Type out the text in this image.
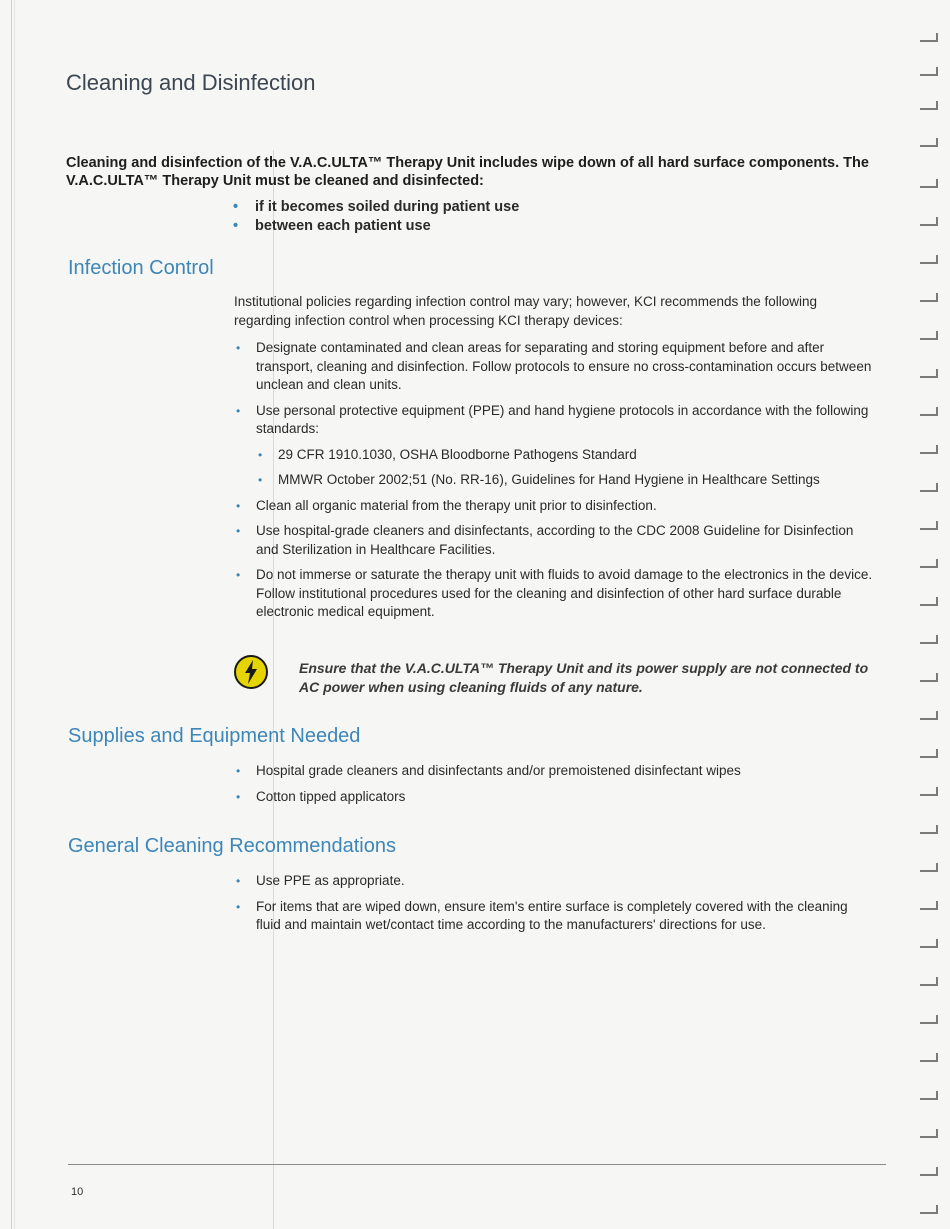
Cleaning and Disinfection
Cleaning and disinfection of the V.A.C.ULTA™ Therapy Unit includes wipe down of all hard surface components. The V.A.C.ULTA™ Therapy Unit must be cleaned and disinfected:
• if it becomes soiled during patient use
• between each patient use
Infection Control
Institutional policies regarding infection control may vary; however, KCI recommends the following regarding infection control when processing KCI therapy devices:
• Designate contaminated and clean areas for separating and storing equipment before and after transport, cleaning and disinfection. Follow protocols to ensure no cross-contamination occurs between unclean and clean units.
• Use personal protective equipment (PPE) and hand hygiene protocols in accordance with the following standards:
• 29 CFR 1910.1030, OSHA Bloodborne Pathogens Standard
• MMWR October 2002;51 (No. RR-16), Guidelines for Hand Hygiene in Healthcare Settings
• Clean all organic material from the therapy unit prior to disinfection.
• Use hospital-grade cleaners and disinfectants, according to the CDC 2008 Guideline for Disinfection and Sterilization in Healthcare Facilities.
• Do not immerse or saturate the therapy unit with fluids to avoid damage to the electronics in the device. Follow institutional procedures used for the cleaning and disinfection of other hard surface durable electronic medical equipment.
Ensure that the V.A.C.ULTA™ Therapy Unit and its power supply are not connected to AC power when using cleaning fluids of any nature.
Supplies and Equipment Needed
• Hospital grade cleaners and disinfectants and/or premoistened disinfectant wipes
• Cotton tipped applicators
General Cleaning Recommendations
• Use PPE as appropriate.
• For items that are wiped down, ensure item's entire surface is completely covered with the cleaning fluid and maintain wet/contact time according to the manufacturers' directions for use.
10
